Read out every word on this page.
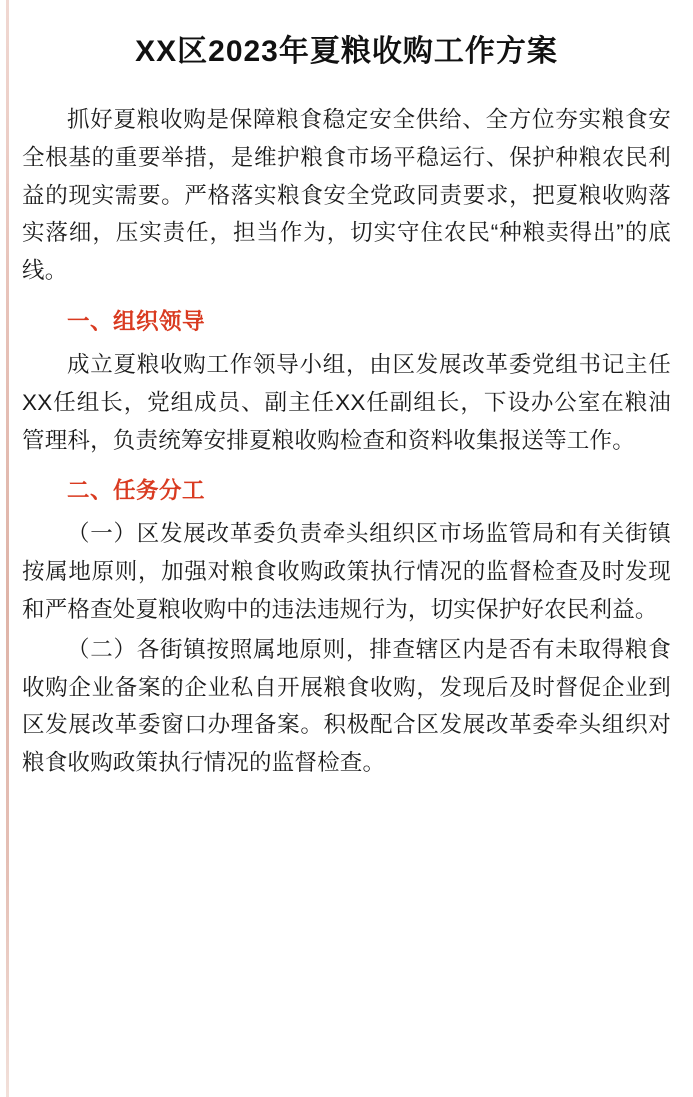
XX区2023年夏粮收购工作方案

抓好夏粮收购是保障粮食稳定安全供给、全方位夯实粮食安全根基的重要举措，是维护粮食市场平稳运行、保护种粮农民利益的现实需要。严格落实粮食安全党政同责要求，把夏粮收购落实落细，压实责任，担当作为，切实守住农民“种粮卖得出”的底线。

一、组织领导

成立夏粮收购工作领导小组，由区发展改革委党组书记主任XX任组长，党组成员、副主任XX任副组长，下设办公室在粮油管理科，负责统筹安排夏粮收购检查和资料收集报送等工作。

二、任务分工

（一）区发展改革委负责牵头组织区市场监管局和有关街镇按属地原则，加强对粮食收购政策执行情况的监督检查及时发现和严格查处夏粮收购中的违法违规行为，切实保护好农民利益。

（二）各街镇按照属地原则，排查辖区内是否有未取得粮食收购企业备案的企业私自开展粮食收购，发现后及时督促企业到区发展改革委窗口办理备案。积极配合区发展改革委牵头组织对粮食收购政策执行情况的监督检查。
